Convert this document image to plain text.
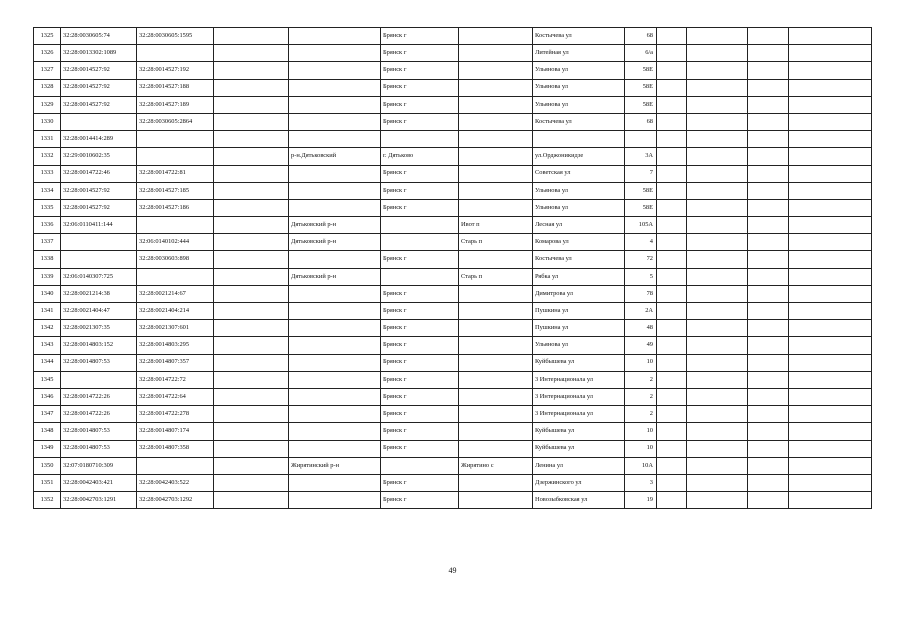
1325	32:28:0030605:74	32:28:0030605:1595			Брянск г		Костычева ул	68				
1326	32:28:0013302:1089				Брянск г		Литейная ул	6/а				
1327	32:28:0014527:92	32:28:0014527:192			Брянск г		Ульянова ул	58Е				
1328	32:28:0014527:92	32:28:0014527:188			Брянск г		Ульянова ул	58Е				
1329	32:28:0014527:92	32:28:0014527:189			Брянск г		Ульянова ул	58Е				
1330		32:28:0030605:2864			Брянск г		Костычева ул	68				
1331	32:28:0014414:289											
1332	32:29:0010602:35			р-н.Дятьковский	г. Дятьково		ул.Орджоникидзе	3А				
1333	32:28:0014722:46	32:28:0014722:81			Брянск г		Советская ул	7				
1334	32:28:0014527:92	32:28:0014527:185			Брянск г		Ульянова ул	58Е				
1335	32:28:0014527:92	32:28:0014527:186			Брянск г		Ульянова ул	58Е				
1336	32:06:0110411:144			Дятьковский р-н		Ивот п	Лесная ул	105А				
1337		32:06:0140102:444		Дятьковский р-н		Старь п	Комарова ул	4				
1338		32:28:0030603:898			Брянск г		Костычева ул	72				
1339	32:06:0140307:725			Дятьковский р-н		Старь п	Рябка ул	5				
1340	32:28:0021214:38	32:28:0021214:67			Брянск г		Димитрова ул	78				
1341	32:28:0021404:47	32:28:0021404:214			Брянск г		Пушкина ул	2А				
1342	32:28:0021307:35	32:28:0021307:601			Брянск г		Пушкина ул	48				
1343	32:28:0014803:152	32:28:0014803:295			Брянск г		Ульянова ул	49				
1344	32:28:0014807:53	32:28:0014807:357			Брянск г		Куйбышева ул	10				
1345		32:28:0014722:72			Брянск г		3 Интернационала ул	2				
1346	32:28:0014722:26	32:28:0014722:64			Брянск г		3 Интернационала ул	2				
1347	32:28:0014722:26	32:28:0014722:278			Брянск г		3 Интернационала ул	2				
1348	32:28:0014807:53	32:28:0014807:174			Брянск г		Куйбышева ул	10				
1349	32:28:0014807:53	32:28:0014807:358			Брянск г		Куйбышева ул	10				
1350	32:07:0180710:309			Жирятинский р-н		Жирятино с	Ленина ул	10А				
1351	32:28:0042403:421	32:28:0042403:522			Брянск г		Дзержинского ул	3				
1352	32:28:0042703:1291	32:28:0042703:1292			Брянск г		Новозыбковская ул	19				
49
